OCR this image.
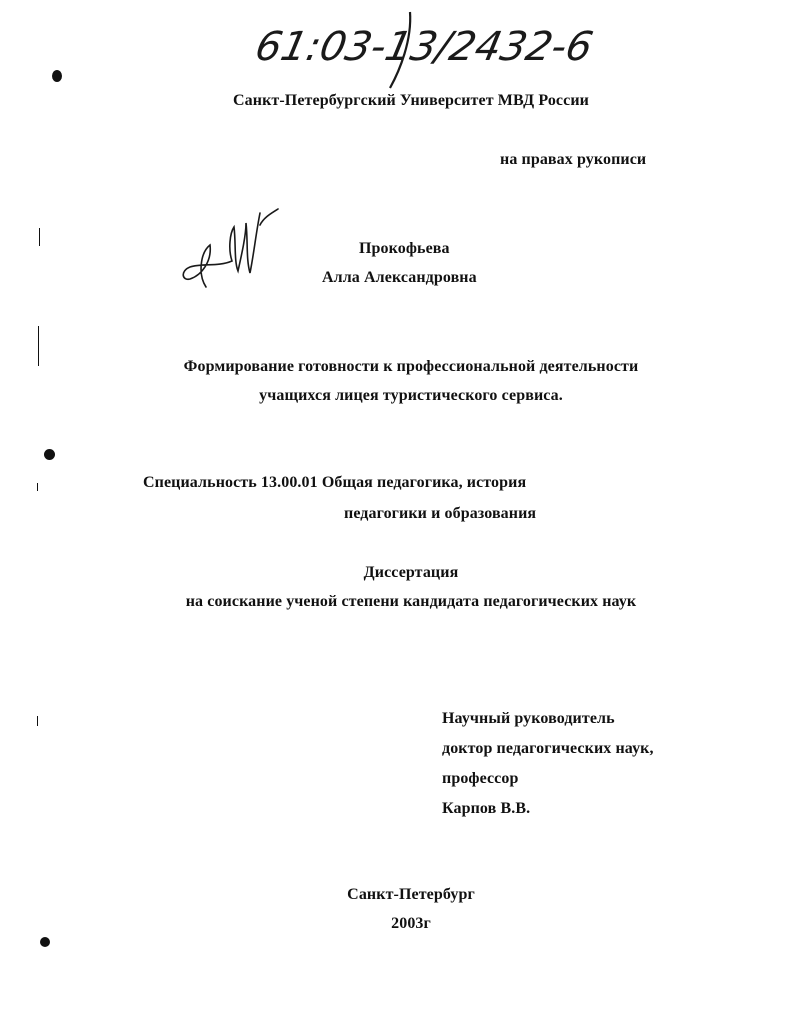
61:03-13/2432-6
Санкт-Петербургский Университет МВД России
на правах рукописи
Прокофьева
Алла Александровна
Формирование готовности к профессиональной деятельности
учащихся лицея туристического сервиса.
Специальность 13.00.01 Общая педагогика, история
педагогики и образования
Диссертация
на соискание ученой степени кандидата педагогических наук
Научный руководитель
доктор педагогических наук,
профессор
Карпов В.В.
Санкт-Петербург
2003г
